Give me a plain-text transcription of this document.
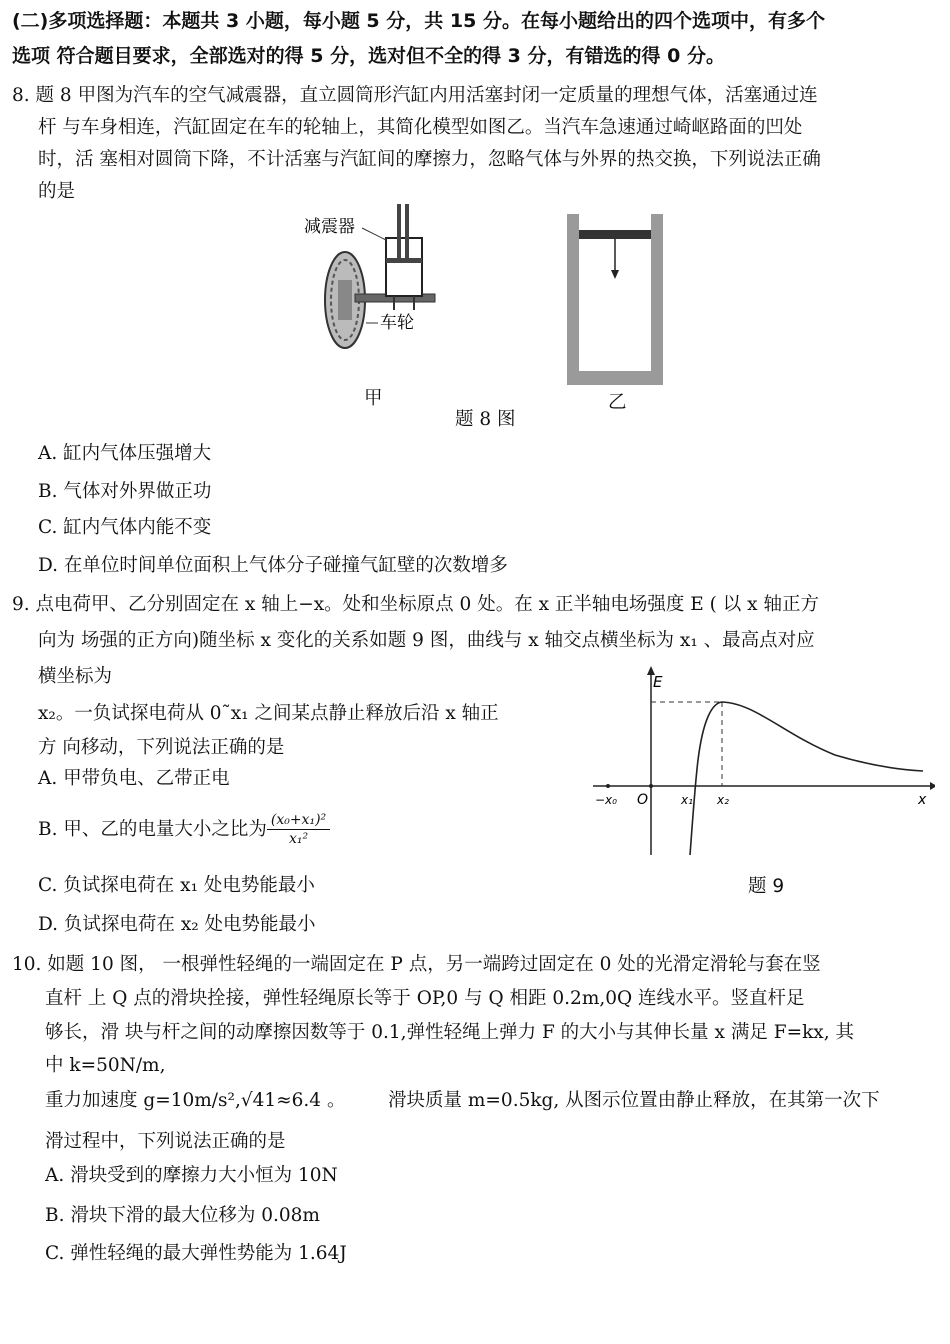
(二)多项选择题：本题共 3 小题，每小题 5 分，共 15 分。在每小题给出的四个选项中，有多个
选项 符合题目要求，全部选对的得 5 分，选对但不全的得 3 分，有错选的得 0 分。
8. 题 8 甲图为汽车的空气减震器，直立圆筒形汽缸内用活塞封闭一定质量的理想气体，活塞通过连
杆 与车身相连，汽缸固定在车的轮轴上，其简化模型如图乙。当汽车急速通过崎岖路面的凹处
时，活 塞相对圆筒下降，不计活塞与汽缸间的摩擦力，忽略气体与外界的热交换，下列说法正确
的是
减震器
车轮
甲	乙
题 8 图
A. 缸内气体压强增大
B. 气体对外界做正功
C. 缸内气体内能不变
D. 在单位时间单位面积上气体分子碰撞气缸壁的次数增多
9. 点电荷甲、乙分别固定在 x 轴上−x。处和坐标原点 0 处。在 x 正半轴电场强度 E ( 以 x 轴正方
向为 场强的正方向)随坐标 x 变化的关系如题 9 图，曲线与 x 轴交点横坐标为 x₁ 、最高点对应
横坐标为
x₂。一负试探电荷从 0˜x₁ 之间某点静止释放后沿 x 轴正
方 向移动，下列说法正确的是
A. 甲带负电、乙带正电
B. 甲、乙的电量大小之比为 $\frac{\text{(x₀+x₁)²}}{\text{x₁²}}$
C. 负试探电荷在 x₁ 处电势能最小
D. 负试探电荷在 x₂ 处电势能最小
E
x
−x₀ O	x₁ x₂
题 9
10. 如题 10 图， 一根弹性轻绳的一端固定在 P 点，另一端跨过固定在 0 处的光滑定滑轮与套在竖
直杆 上 Q 点的滑块拴接，弹性轻绳原长等于 OP,0 与 Q 相距 0.2m,0Q 连线水平。竖直杆足
够长，滑 块与杆之间的动摩擦因数等于 0.1,弹性轻绳上弹力 F 的大小与其伸长量 x 满足 F=kx, 其
中 k=50N/m,
重力加速度 g=10m/s²,√41≈6.4 。 滑块质量 m=0.5kg, 从图示位置由静止释放，在其第一次下
滑过程中，下列说法正确的是
A. 滑块受到的摩擦力大小恒为 10N
B. 滑块下滑的最大位移为 0.08m
C. 弹性轻绳的最大弹性势能为 1.64J
